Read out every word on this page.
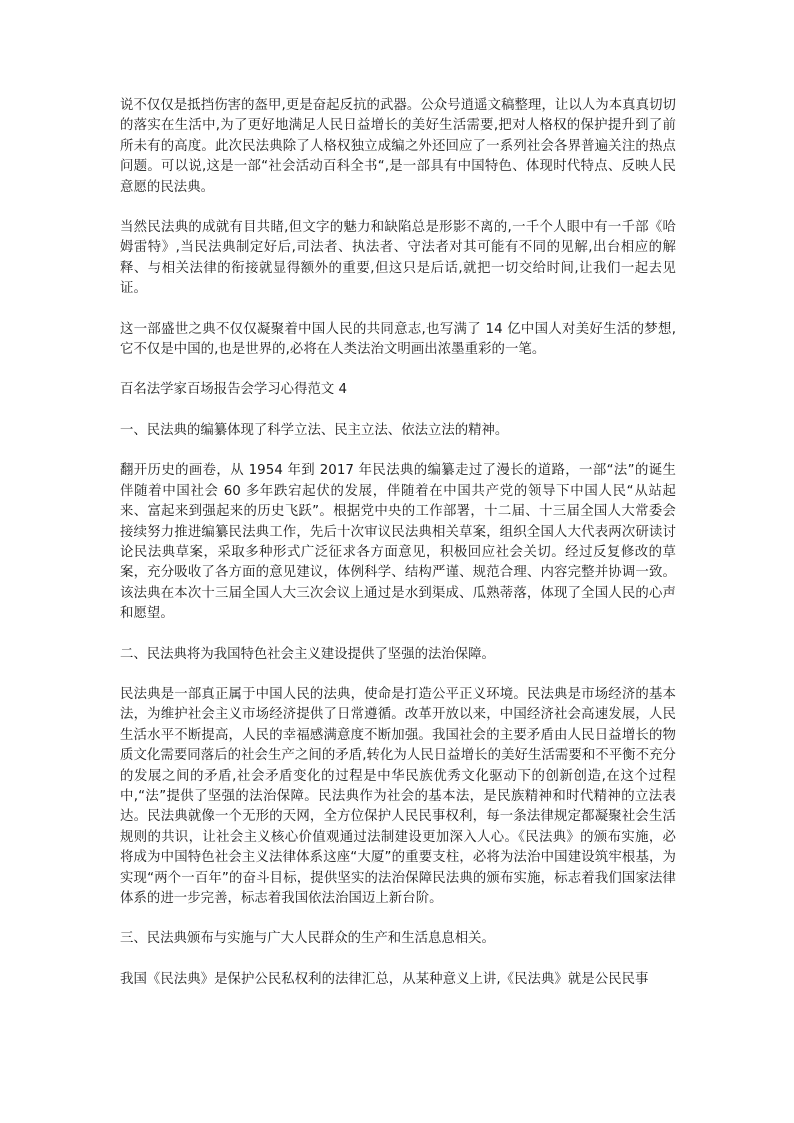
说不仅仅是抵挡伤害的盔甲,更是奋起反抗的武器。公众号逍遥文稿整理，让以人为本真真切切的落实在生活中,为了更好地满足人民日益增长的美好生活需要,把对人格权的保护提升到了前所未有的高度。此次民法典除了人格权独立成编之外还回应了一系列社会各界普遍关注的热点问题。可以说,这是一部“社会活动百科全书“,是一部具有中国特色、体现时代特点、反映人民意愿的民法典。

当然民法典的成就有目共睹,但文字的魅力和缺陷总是形影不离的,一千个人眼中有一千部《哈姆雷特》,当民法典制定好后,司法者、执法者、守法者对其可能有不同的见解,出台相应的解释、与相关法律的衔接就显得额外的重要,但这只是后话,就把一切交给时间,让我们一起去见证。

这一部盛世之典不仅仅凝聚着中国人民的共同意志,也写满了 14 亿中国人对美好生活的梦想,它不仅是中国的,也是世界的,必将在人类法治文明画出浓墨重彩的一笔。

百名法学家百场报告会学习心得范文 4

一、民法典的编纂体现了科学立法、民主立法、依法立法的精神。

翻开历史的画卷，从 1954 年到 2017 年民法典的编纂走过了漫长的道路，一部“法”的诞生伴随着中国社会 60 多年跌宕起伏的发展，伴随着在中国共产党的领导下中国人民“从站起来、富起来到强起来的历史飞跃”。根据党中央的工作部署，十二届、十三届全国人大常委会接续努力推进编纂民法典工作，先后十次审议民法典相关草案，组织全国人大代表两次研读讨论民法典草案，采取多种形式广泛征求各方面意见，积极回应社会关切。经过反复修改的草案，充分吸收了各方面的意见建议，体例科学、结构严谨、规范合理、内容完整并协调一致。该法典在本次十三届全国人大三次会议上通过是水到渠成、瓜熟蒂落，体现了全国人民的心声和愿望。

二、民法典将为我国特色社会主义建设提供了坚强的法治保障。

民法典是一部真正属于中国人民的法典，使命是打造公平正义环境。民法典是市场经济的基本法，为维护社会主义市场经济提供了日常遵循。改革开放以来，中国经济社会高速发展，人民生活水平不断提高，人民的幸福感满意度不断加强。我国社会的主要矛盾由人民日益增长的物质文化需要同落后的社会生产之间的矛盾,转化为人民日益增长的美好生活需要和不平衡不充分的发展之间的矛盾,社会矛盾变化的过程是中华民族优秀文化驱动下的创新创造,在这个过程中,“法”提供了坚强的法治保障。民法典作为社会的基本法，是民族精神和时代精神的立法表达。民法典就像一个无形的天网，全方位保护人民民事权利，每一条法律规定都凝聚社会生活规则的共识，让社会主义核心价值观通过法制建设更加深入人心。《民法典》的颁布实施，必将成为中国特色社会主义法律体系这座“大厦”的重要支柱，必将为法治中国建设筑牢根基，为实现“两个一百年”的奋斗目标，提供坚实的法治保障民法典的颁布实施，标志着我们国家法律体系的进一步完善，标志着我国依法治国迈上新台阶。

三、民法典颁布与实施与广大人民群众的生产和生活息息相关。

我国《民法典》是保护公民私权利的法律汇总，从某种意义上讲,《民法典》就是公民民事
